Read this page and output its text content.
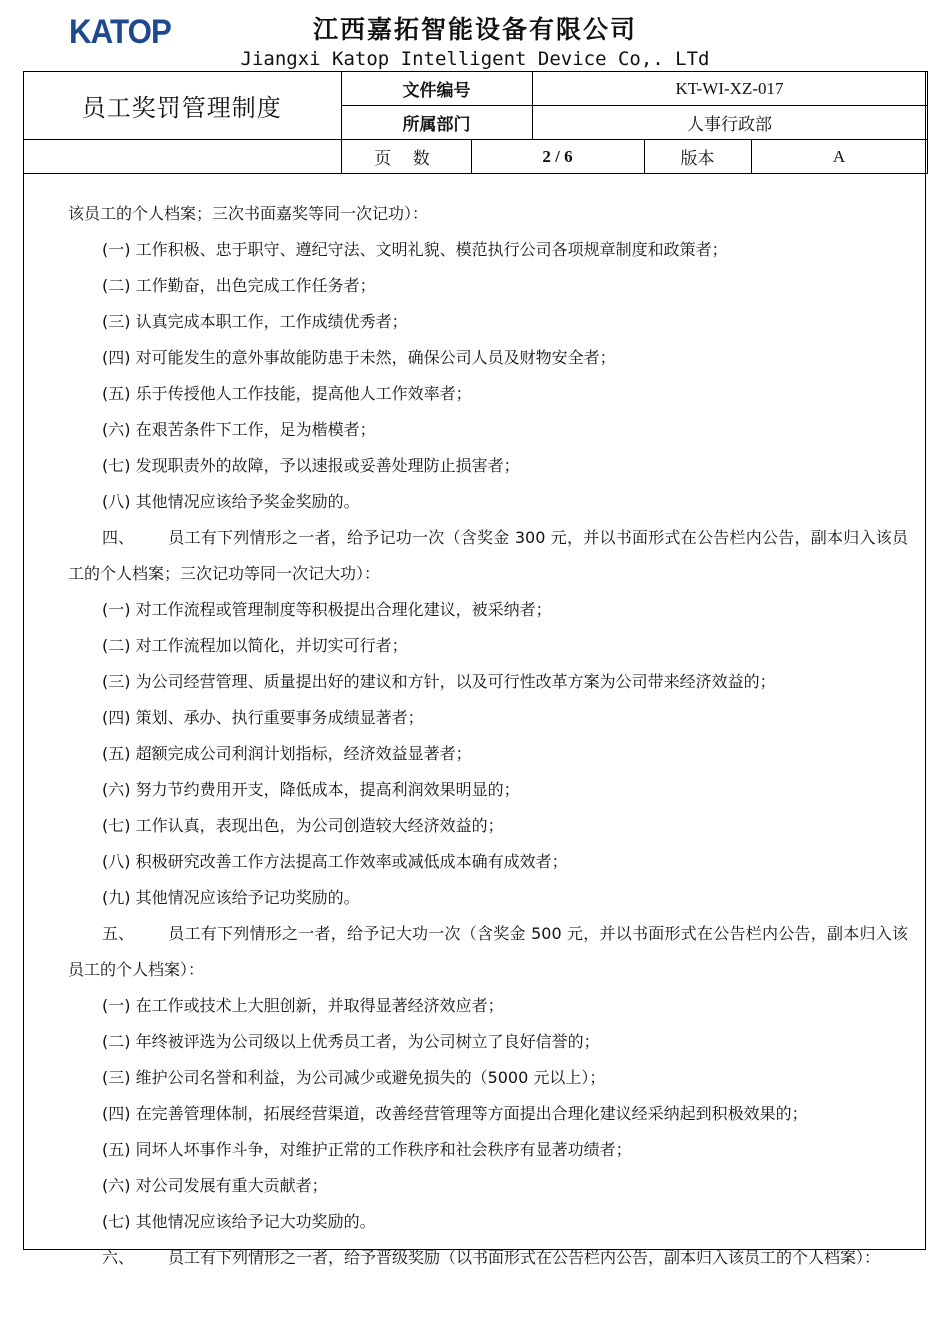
KATOP	江西嘉拓智能设备有限公司
Jiangxi Katop Intelligent Device Co,. LTd
员工奖罚管理制度	文件编号		KT-WI-XZ-017		
	所属部门		人事行政部		
	页 数	2 / 6		版本	A

该员工的个人档案；三次书面嘉奖等同一次记功）：

(一) 工作积极、忠于职守、遵纪守法、文明礼貌、模范执行公司各项规章制度和政策者；

(二) 工作勤奋，出色完成工作任务者；

(三) 认真完成本职工作，工作成绩优秀者；

(四) 对可能发生的意外事故能防患于未然，确保公司人员及财物安全者；

(五) 乐于传授他人工作技能，提高他人工作效率者；

(六) 在艰苦条件下工作，足为楷模者；

(七) 发现职责外的故障，予以速报或妥善处理防止损害者；

(八) 其他情况应该给予奖金奖励的。

四、 员工有下列情形之一者，给予记功一次（含奖金 300 元，并以书面形式在公告栏内公告，副本归入该员工的个人档案；三次记功等同一次记大功）：

(一) 对工作流程或管理制度等积极提出合理化建议，被采纳者；

(二) 对工作流程加以简化，并切实可行者；

(三) 为公司经营管理、质量提出好的建议和方针，以及可行性改革方案为公司带来经济效益的；

(四) 策划、承办、执行重要事务成绩显著者；

(五) 超额完成公司利润计划指标，经济效益显著者；

(六) 努力节约费用开支，降低成本，提高利润效果明显的；

(七) 工作认真，表现出色，为公司创造较大经济效益的；

(八) 积极研究改善工作方法提高工作效率或减低成本确有成效者；

(九) 其他情况应该给予记功奖励的。

五、 员工有下列情形之一者，给予记大功一次（含奖金 500 元，并以书面形式在公告栏内公告，副本归入该员工的个人档案）：

(一) 在工作或技术上大胆创新，并取得显著经济效应者；

(二) 年终被评选为公司级以上优秀员工者，为公司树立了良好信誉的；

(三) 维护公司名誉和利益，为公司减少或避免损失的（5000 元以上）；

(四) 在完善管理体制，拓展经营渠道，改善经营管理等方面提出合理化建议经采纳起到积极效果的；

(五) 同坏人坏事作斗争，对维护正常的工作秩序和社会秩序有显著功绩者；

(六) 对公司发展有重大贡献者；

(七) 其他情况应该给予记大功奖励的。

六、 员工有下列情形之一者，给予晋级奖励（以书面形式在公告栏内公告，副本归入该员工的个人档案）：
